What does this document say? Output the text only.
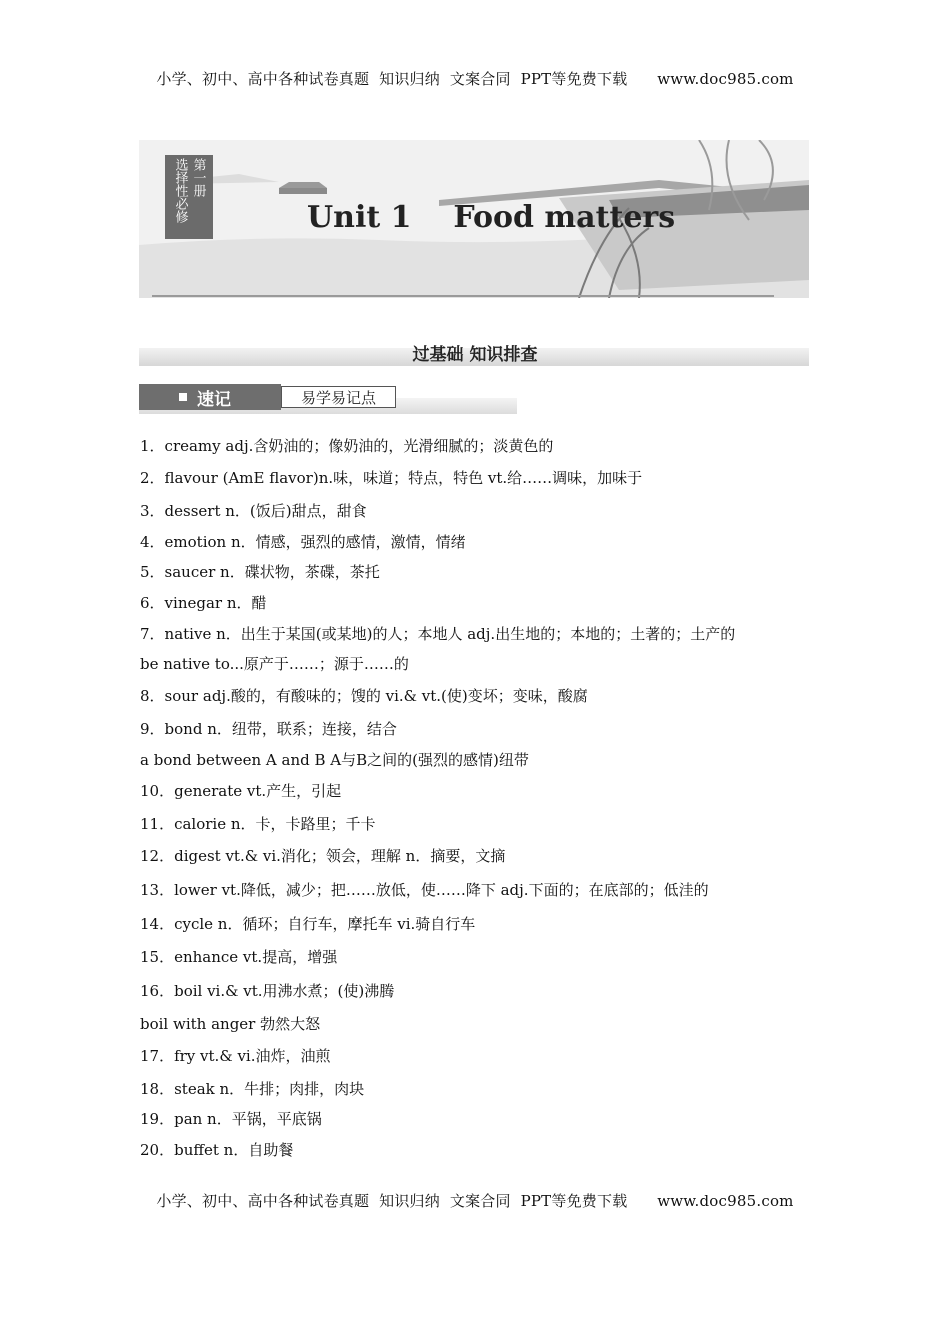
小学、初中、高中各种试卷真题  知识归纳  文案合同  PPT等免费下载      www.doc985.com
选择性必修 第一册
Unit 1    Food matters
过基础 知识排查
速记	易学易记点
1．creamy adj.含奶油的；像奶油的，光滑细腻的；淡黄色的
2．flavour (AmE flavor)n.味，味道；特点，特色 vt.给……调味，加味于
3．dessert n．(饭后)甜点，甜食
4．emotion n．情感，强烈的感情，激情，情绪
5．saucer n．碟状物，茶碟，茶托
6．vinegar n．醋
7．native n．出生于某国(或某地)的人；本地人 adj.出生地的；本地的；土著的；土产的
be native to...原产于……；源于……的
8．sour adj.酸的，有酸味的；馊的 vi.& vt.(使)变坏；变味，酸腐
9．bond n．纽带，联系；连接，结合
a bond between A and B A与B之间的(强烈的感情)纽带
10．generate vt.产生，引起
11．calorie n．卡，卡路里；千卡
12．digest vt.& vi.消化；领会，理解 n．摘要，文摘
13．lower vt.降低，减少；把……放低，使……降下 adj.下面的；在底部的；低洼的
14．cycle n．循环；自行车，摩托车 vi.骑自行车
15．enhance vt.提高，增强
16．boil vi.& vt.用沸水煮；(使)沸腾
boil with anger 勃然大怒
17．fry vt.& vi.油炸，油煎
18．steak n．牛排；肉排，肉块
19．pan n．平锅，平底锅
20．buffet n．自助餐
小学、初中、高中各种试卷真题  知识归纳  文案合同  PPT等免费下载      www.doc985.com
